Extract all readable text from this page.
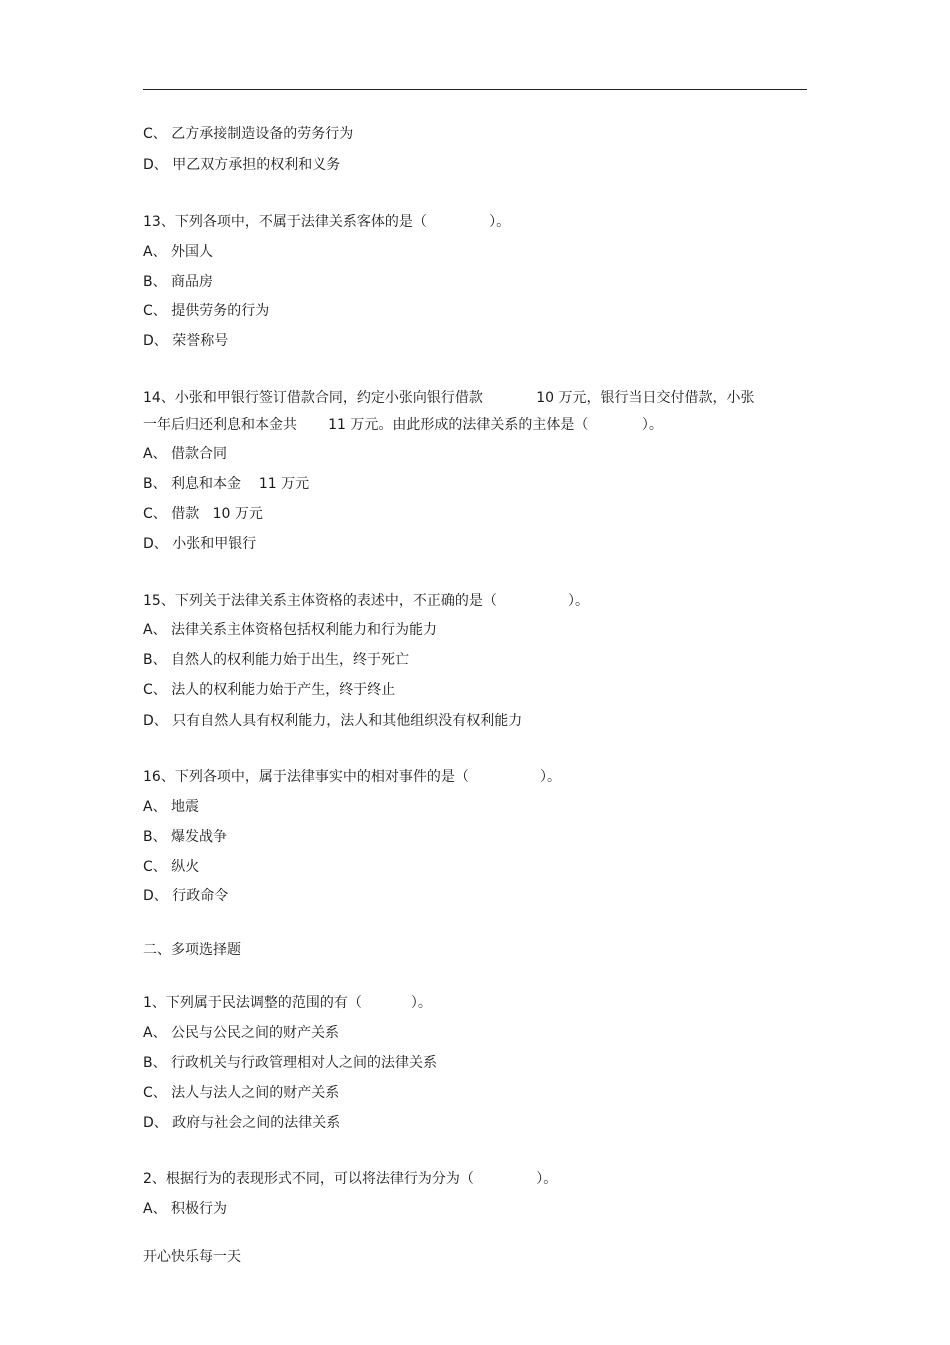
C、 乙方承接制造设备的劳务行为
D、 甲乙双方承担的权利和义务
13、下列各项中，不属于法律关系客体的是（              ）。
A、 外国人
B、 商品房
C、 提供劳务的行为
D、 荣誉称号
14、小张和甲银行签订借款合同，约定小张向银行借款            10 万元，银行当日交付借款，小张
一年后归还利息和本金共       11 万元。由此形成的法律关系的主体是（            ）。
A、 借款合同
B、 利息和本金    11 万元
C、 借款   10 万元
D、 小张和甲银行
15、下列关于法律关系主体资格的表述中，不正确的是（                ）。
A、 法律关系主体资格包括权利能力和行为能力
B、 自然人的权利能力始于出生，终于死亡
C、 法人的权利能力始于产生，终于终止
D、 只有自然人具有权利能力，法人和其他组织没有权利能力
16、下列各项中，属于法律事实中的相对事件的是（                ）。
A、 地震
B、 爆发战争
C、 纵火
D、 行政命令
二、多项选择题
1、下列属于民法调整的范围的有（           ）。
A、 公民与公民之间的财产关系
B、 行政机关与行政管理相对人之间的法律关系
C、 法人与法人之间的财产关系
D、 政府与社会之间的法律关系
2、根据行为的表现形式不同，可以将法律行为分为（              ）。
A、 积极行为
开心快乐每一天
